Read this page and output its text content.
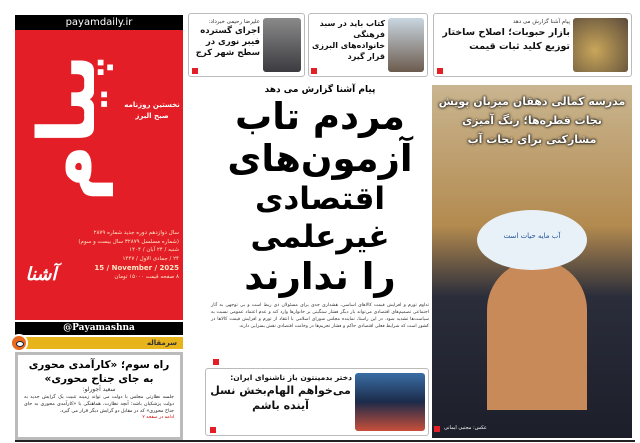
payamdaily.ir
نخستین روزنامه صبح البرز
پیام
سال دوازدهم دوره جدید شماره ۲۸۷۹
(شماره مسلسل ۳۲۸۷۹ سال بیست و سوم)
شنبه / ۲۴ آبان / ۱۴۰۴
۲۴ / جمادی الاول / ۱۴۴۷
15 / November / 2025
۸ صفحه قیمت ۱۵۰۰۰ تومان
آشنا
@Payamashna
سرمقاله
راه سوم؛ «کارآمدی محوری به جای جناح محوری»
سعید آجورلو:

جلسه نظارتی مجلس با دولت می تواند زمینه تثبیت یک گرایش جدید به دولت پزشکیان باشد؛ آنچه نظارت، هماهنگی با «کارآمدی محوری به جای جناح محوری» که در مقابل دو گرایش دیگر قرار می گیرد.

ادامه در صفحه ۲
علیرضا رحیمی خبرداد:
اجرای گسترده فیبر نوری در سطح شهر کرج
کتاب باید در سبد فرهنگی خانواده‌های البرزی قرار گیرد
پیام آشنا گزارش می دهد
بازار حبوبات؛ اصلاح ساختار توزیع کلید ثبات قیمت
پیام آشنا گزارش می دهد
مردم تاب
آزمون‌های
اقتصادی غیرعلمی
را ندارند
تداوم تورم و افزایش قیمت کالاهای اساسی، هشداری جدی برای مسئولان ذی ربط است و بی توجهی به آثار اجتماعی تصمیم‌های اقتصادی می‌تواند بار دیگر فشار سنگینی بر خانوارها وارد کند و عدم اعتماد عمومی نسبت به سیاست‌ها تشدید شود. در این راستا، نماینده مجلس شورای اسلامی با انتقاد از تورم و افزایش قیمت کالاها در کشور است که شرایط فعلی اقتصادی حاکم و فشار تحریم‌ها در وخامت اقتصادی نقش بسزایی دارند.
دختر بدمینتون باز ناشنوای ایران:
می‌خواهم الهام‌بخش نسل آینده باشم
آب مایه حیات است
عکس: مجتبی ایمانی
مدرسه کمالی دهقان میزبان پویش نجات قطره‌ها؛ رنگ آمیزی مشارکتی برای نجات آب
